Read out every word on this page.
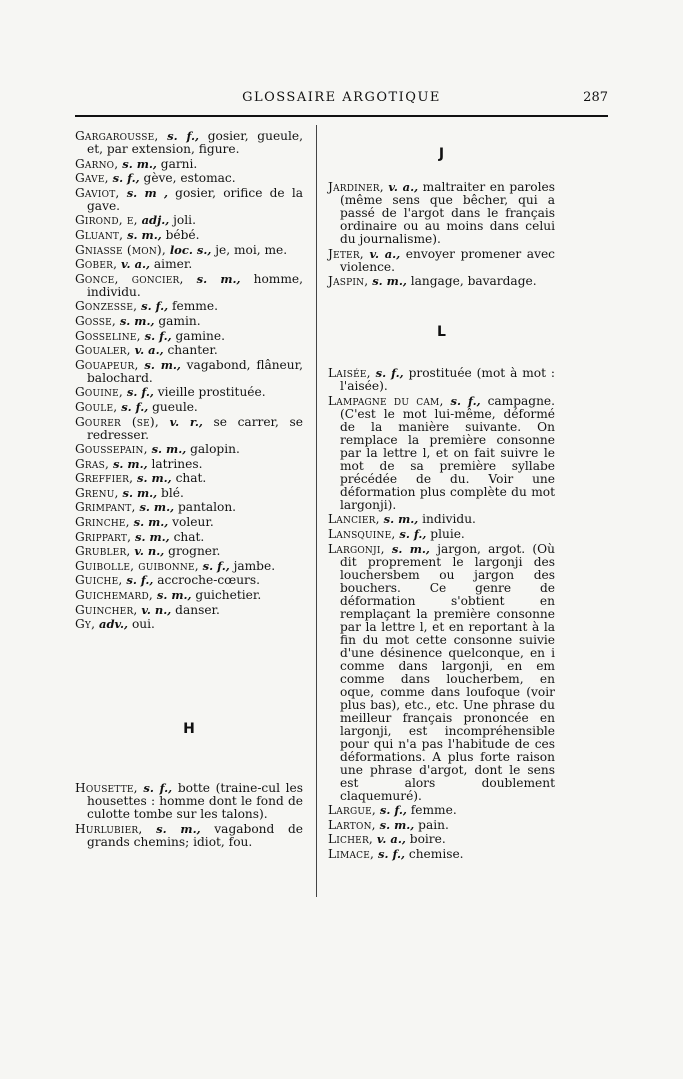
GLOSSAIRE ARGOTIQUE	287

Gargaroussе, s. f., gosier, gueule, et, par extension, figure.

Garno, s. m., garni.

Gave, s. f., gève, estomac.

Gaviot, s. m , gosier, orifice de la gave.

Girond, e, adj., joli.

Gluant, s. m., bébé.

Gniasse (mon), loc. s., je, moi, me.

Gober, v. a., aimer.

Gonce, goncier, s. m., homme, individu.

Gonzesse, s. f., femme.

Gosse, s. m., gamin.

Gosseline, s. f., gamine.

Goualer, v. a., chanter.

Gouapeur, s. m., vagabond, flâneur, balochard.

Gouine, s. f., vieille prostituée.

Goule, s. f., gueule.

Gourer (se), v. r., se carrer, se redresser.

Goussepain, s. m., galopin.

Gras, s. m., latrines.

Greffier, s. m., chat.

Grenu, s. m., blé.

Grimpant, s. m., pantalon.

Grinche, s. m., voleur.

Grippart, s. m., chat.

Grubler, v. n., grogner.

Guibolle, guibonne, s. f., jambe.

Guiche, s. f., accroche-cœurs.

Guichemard, s. m., guichetier.

Guincher, v. n., danser.

Gy, adv., oui.

H

Housette, s. f., botte (traine-cul les housettes : homme dont le fond de culotte tombe sur les talons).

Hurlubier, s. m., vagabond de grands chemins; idiot, fou.

J

Jardiner, v. a., maltraiter en paroles (même sens que bêcher, qui a passé de l'argot dans le français ordinaire ou au moins dans celui du journalisme).

Jeter, v. a., envoyer promener avec violence.

Jaspin, s. m., langage, bavardage.

L

Laisée, s. f., prostituée (mot à mot : l'aisée).

Lampagne du cam, s. f., campagne. (C'est le mot lui-même, déformé de la manière suivante. On remplace la première consonne par la lettre l, et on fait suivre le mot de sa première syllabe précédée de du. Voir une déformation plus complète du mot largonji).

Lancier, s. m., individu.

Lansquine, s. f., pluie.

Largonji, s. m., jargon, argot. (Où dit proprement le largonji des louchersbem ou jargon des bouchers. Ce genre de déformation s'obtient en remplaçant la première consonne par la lettre l, et en reportant à la fin du mot cette consonne suivie d'une désinence quelconque, en i comme dans largonji, en em comme dans loucherbem, en oque, comme dans loufoque (voir plus bas), etc., etc. Une phrase du meilleur français prononcée en largonji, est incompréhensible pour qui n'a pas l'habitude de ces déformations. A plus forte raison une phrase d'argot, dont le sens est alors doublement claquemuré).

Largue, s. f., femme.

Larton, s. m., pain.

Licher, v. a., boire.

Limace, s. f., chemise.
